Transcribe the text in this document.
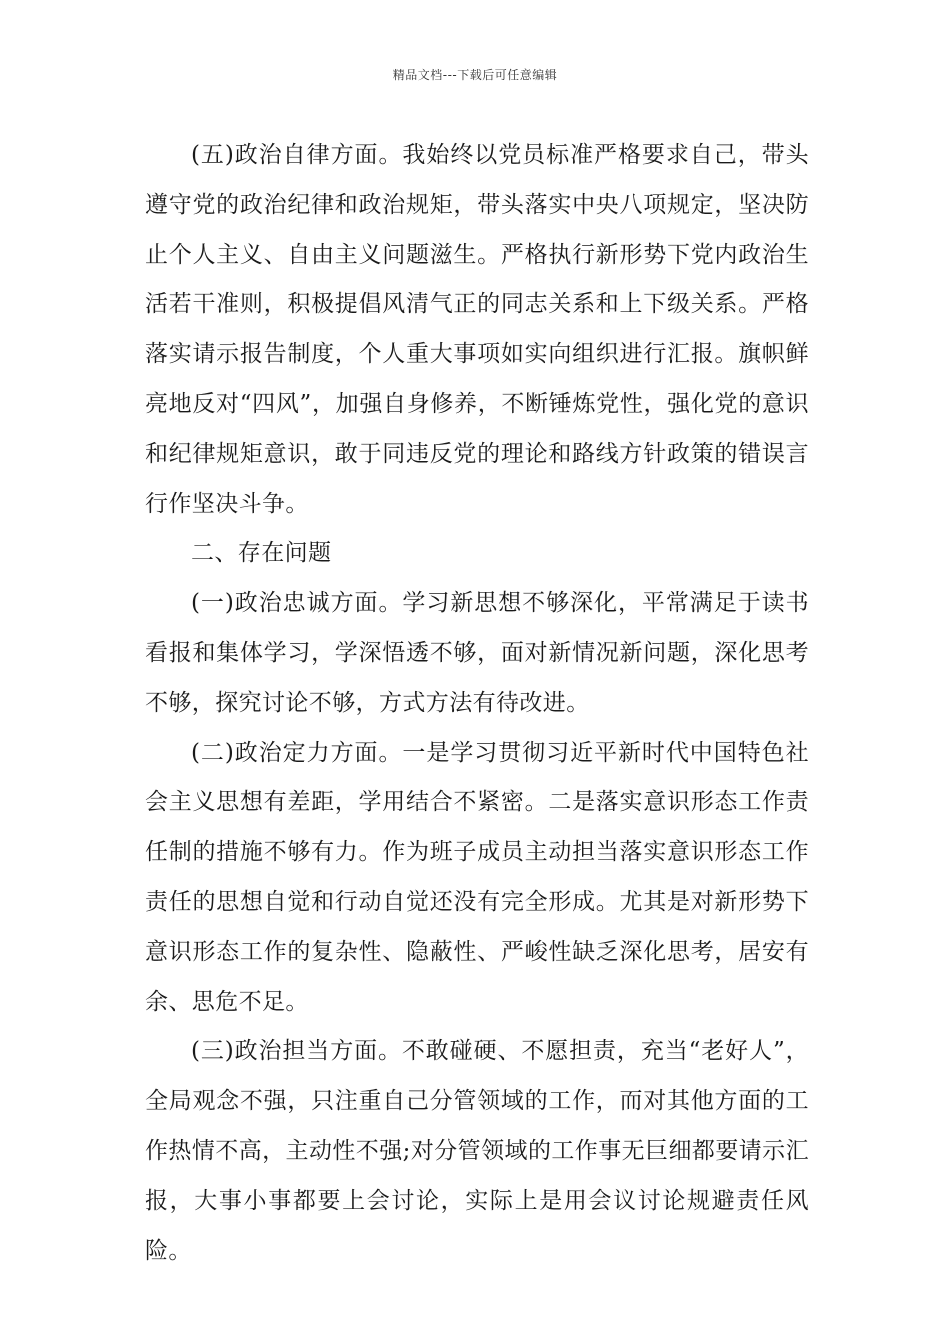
精品文档---下载后可任意编辑

(五)政治自律方面。我始终以党员标准严格要求自己，带头遵守党的政治纪律和政治规矩，带头落实中央八项规定，坚决防止个人主义、自由主义问题滋生。严格执行新形势下党内政治生活若干准则，积极提倡风清气正的同志关系和上下级关系。严格落实请示报告制度，个人重大事项如实向组织进行汇报。旗帜鲜亮地反对“四风”，加强自身修养，不断锤炼党性，强化党的意识和纪律规矩意识，敢于同违反党的理论和路线方针政策的错误言行作坚决斗争。

二、存在问题

(一)政治忠诚方面。学习新思想不够深化，平常满足于读书看报和集体学习，学深悟透不够，面对新情况新问题，深化思考不够，探究讨论不够，方式方法有待改进。

(二)政治定力方面。一是学习贯彻习近平新时代中国特色社会主义思想有差距，学用结合不紧密。二是落实意识形态工作责任制的措施不够有力。作为班子成员主动担当落实意识形态工作责任的思想自觉和行动自觉还没有完全形成。尤其是对新形势下意识形态工作的复杂性、隐蔽性、严峻性缺乏深化思考，居安有余、思危不足。

(三)政治担当方面。不敢碰硬、不愿担责，充当“老好人”，全局观念不强，只注重自己分管领域的工作，而对其他方面的工作热情不高，主动性不强;对分管领域的工作事无巨细都要请示汇报，大事小事都要上会讨论，实际上是用会议讨论规避责任风险。
